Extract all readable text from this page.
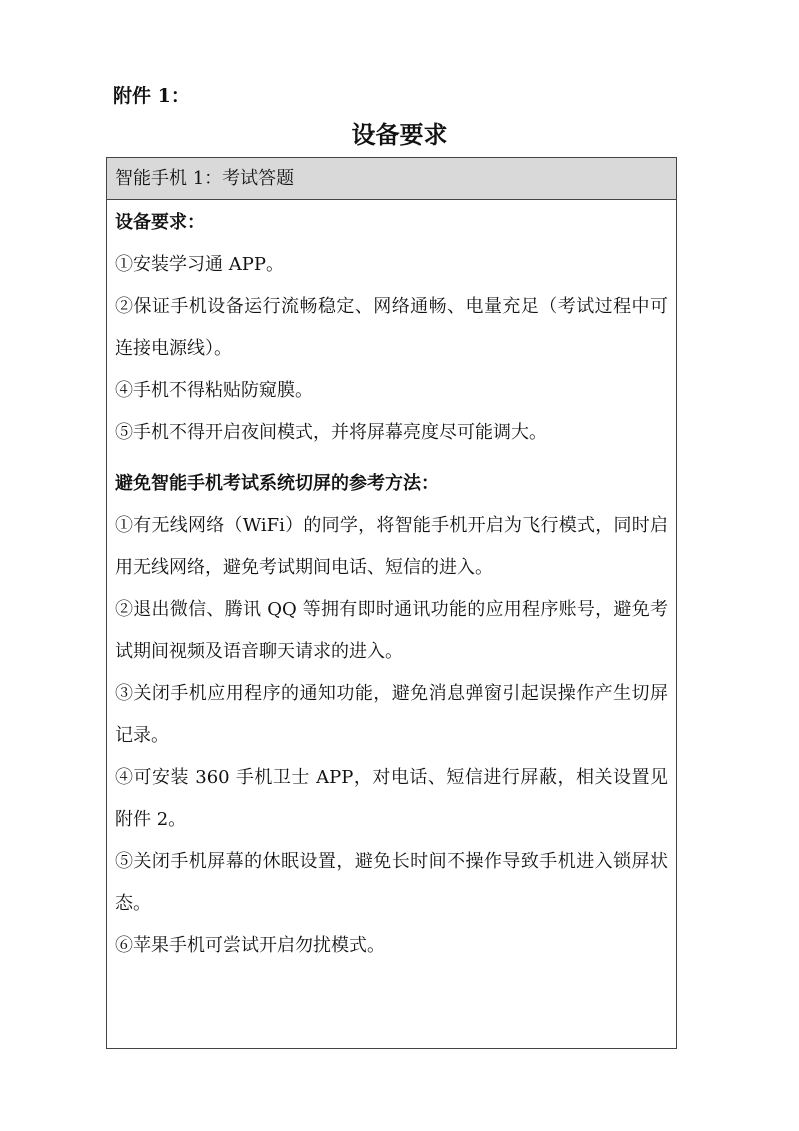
附件 1：
设备要求
智能手机 1：考试答题
设备要求：
①安装学习通 APP。
②保证手机设备运行流畅稳定、网络通畅、电量充足（考试过程中可连接电源线）。
④手机不得粘贴防窥膜。
⑤手机不得开启夜间模式，并将屏幕亮度尽可能调大。
避免智能手机考试系统切屏的参考方法：
①有无线网络（WiFi）的同学，将智能手机开启为飞行模式，同时启用无线网络，避免考试期间电话、短信的进入。
②退出微信、腾讯 QQ 等拥有即时通讯功能的应用程序账号，避免考试期间视频及语音聊天请求的进入。
③关闭手机应用程序的通知功能，避免消息弹窗引起误操作产生切屏记录。
④可安装 360 手机卫士 APP，对电话、短信进行屏蔽，相关设置见附件 2。
⑤关闭手机屏幕的休眠设置，避免长时间不操作导致手机进入锁屏状态。
⑥苹果手机可尝试开启勿扰模式。
